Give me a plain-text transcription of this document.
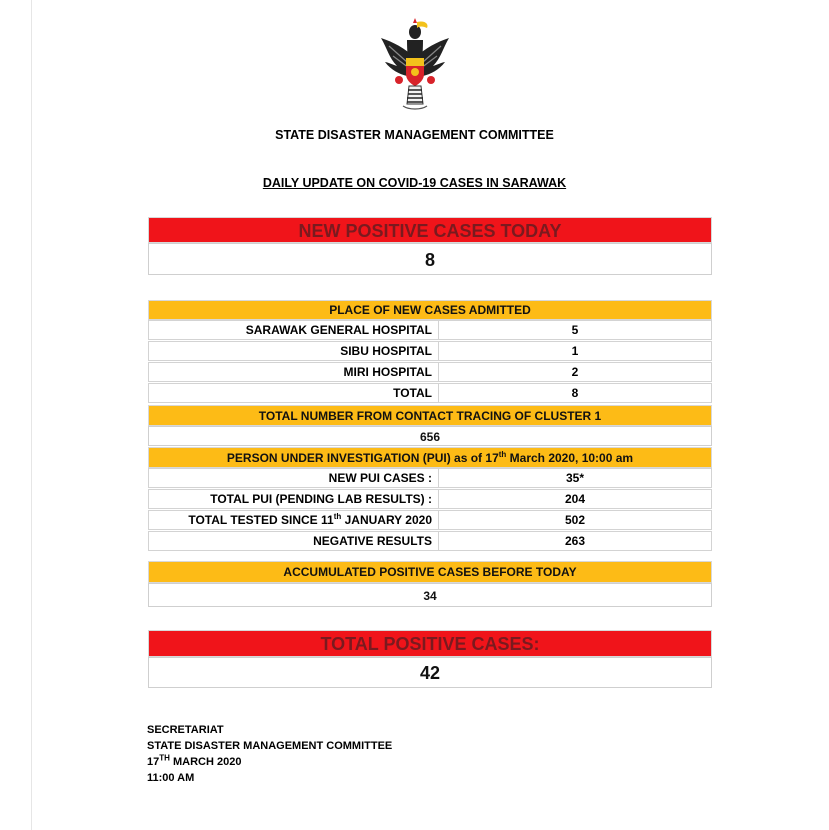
STATE DISASTER MANAGEMENT COMMITTEE
DAILY UPDATE ON COVID-19 CASES IN SARAWAK
NEW POSITIVE CASES TODAY
8
PLACE OF NEW CASES ADMITTED
SARAWAK GENERAL HOSPITAL	5
SIBU HOSPITAL	1
MIRI HOSPITAL	2
TOTAL	8
TOTAL NUMBER FROM CONTACT TRACING OF CLUSTER 1
656
PERSON UNDER INVESTIGATION (PUI) as of 17th March 2020, 10:00 am
NEW PUI CASES :	35*
TOTAL PUI (PENDING LAB RESULTS) :	204
TOTAL TESTED SINCE 11th JANUARY 2020	502
NEGATIVE RESULTS	263
ACCUMULATED POSITIVE CASES BEFORE TODAY
34
TOTAL POSITIVE CASES:
42
SECRETARIAT
STATE DISASTER MANAGEMENT COMMITTEE
17TH MARCH 2020
11:00 AM
